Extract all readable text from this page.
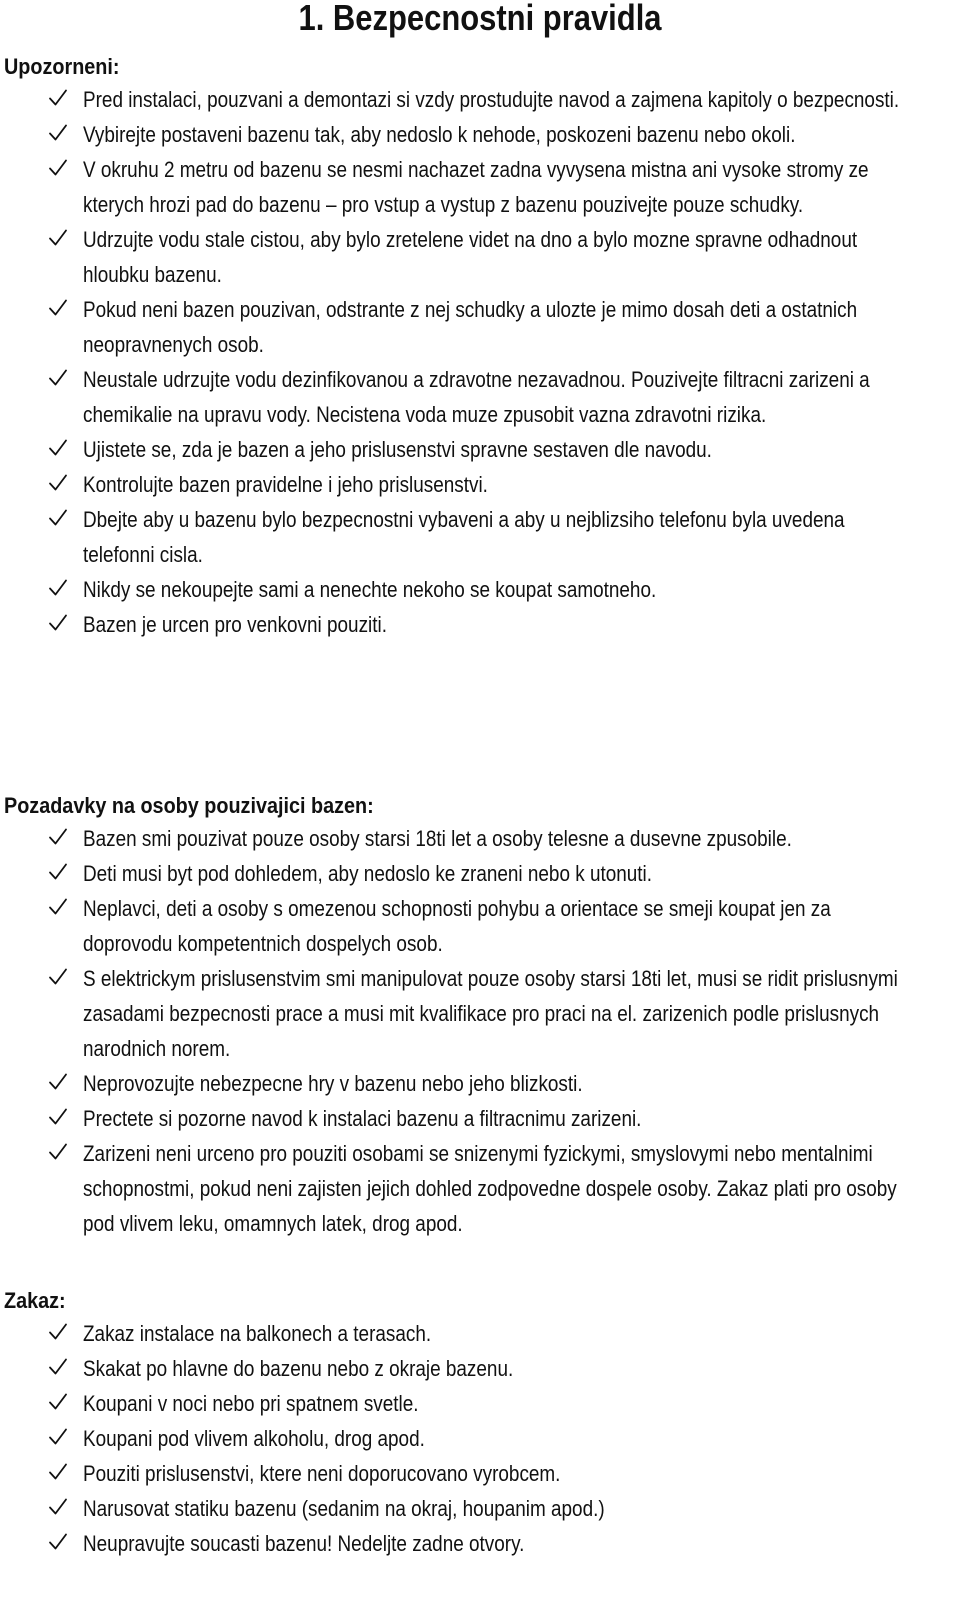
1. Bezpecnostni pravidla
Upozorneni:
Pred instalaci, pouzvani a demontazi si vzdy prostudujte navod a zajmena kapitoly o bezpecnosti.
Vybirejte postaveni bazenu tak, aby nedoslo k nehode, poskozeni bazenu nebo okoli.
V okruhu 2 metru od bazenu se nesmi nachazet zadna vyvysena mistna ani vysoke stromy ze kterych hrozi pad do bazenu – pro vstup a vystup z bazenu pouzivejte pouze schudky.
Udrzujte vodu stale cistou, aby bylo zretelene videt na dno a bylo mozne spravne odhadnout hloubku bazenu.
Pokud neni bazen pouzivan, odstrante z nej schudky a ulozte je mimo dosah deti a ostatnich neopravnenych osob.
Neustale udrzujte vodu dezinfikovanou a zdravotne nezavadnou. Pouzivejte filtracni zarizeni a chemikalie na upravu vody. Necistena voda muze zpusobit vazna zdravotni rizika.
Ujistete se, zda je bazen a jeho prislusenstvi spravne sestaven dle navodu.
Kontrolujte bazen pravidelne i jeho prislusenstvi.
Dbejte aby u bazenu bylo bezpecnostni vybaveni a aby u nejblizsiho telefonu byla uvedena telefonni cisla.
Nikdy se nekoupejte sami a nenechte nekoho se koupat samotneho.
Bazen je urcen pro venkovni pouziti.
Pozadavky na osoby pouzivajici bazen:
Bazen smi pouzivat pouze osoby starsi 18ti let a osoby telesne a dusevne zpusobile.
Deti musi byt pod dohledem, aby nedoslo ke zraneni nebo k utonuti.
Neplavci, deti a osoby s omezenou schopnosti pohybu a orientace se smeji koupat jen za doprovodu kompetentnich dospelych osob.
S elektrickym prislusenstvim smi manipulovat pouze osoby starsi 18ti let, musi se ridit prislusnymi zasadami bezpecnosti prace a musi mit kvalifikace pro praci na el. zarizenich podle prislusnych narodnich norem.
Neprovozujte nebezpecne hry v bazenu nebo jeho blizkosti.
Prectete si pozorne navod k instalaci bazenu a filtracnimu zarizeni.
Zarizeni neni urceno pro pouziti osobami se snizenymi fyzickymi, smyslovymi nebo mentalnimi schopnostmi, pokud neni zajisten jejich dohled zodpovedne dospele osoby. Zakaz plati pro osoby pod vlivem leku, omamnych latek, drog apod.
Zakaz:
Zakaz instalace na balkonech a terasach.
Skakat po hlavne do bazenu nebo z okraje bazenu.
Koupani v noci nebo pri spatnem svetle.
Koupani pod vlivem alkoholu, drog apod.
Pouziti prislusenstvi, ktere neni doporucovano vyrobcem.
Narusovat statiku bazenu (sedanim na okraj, houpanim apod.)
Neupravujte soucasti bazenu! Nedeljte zadne otvory.
